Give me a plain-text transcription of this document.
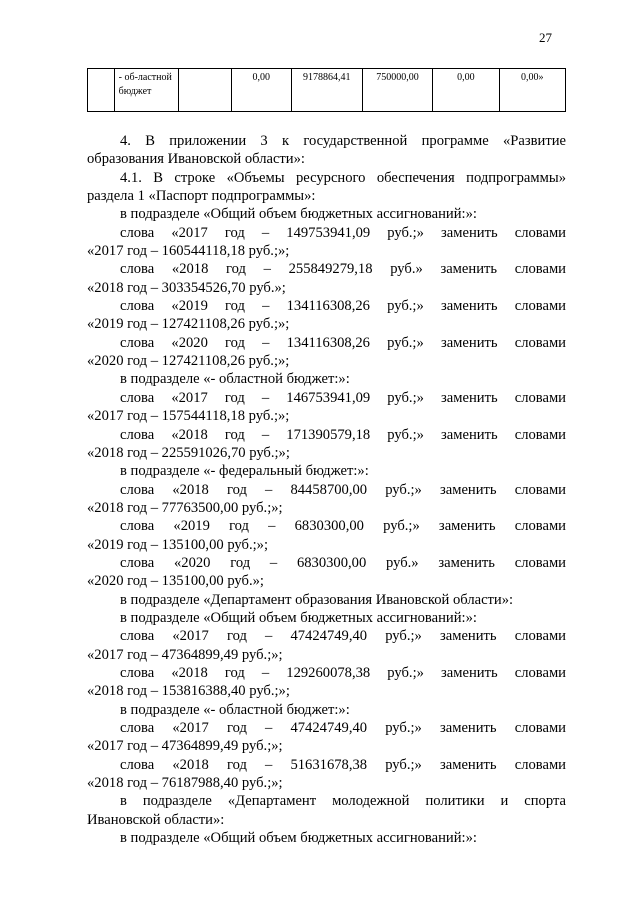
27
	- об-ластной бюджет		0,00	9178864,41	750000,00	0,00	0,00»

4. В приложении 3 к государственной программе «Развитие

образования Ивановской области»:

4.1. В строке «Объемы ресурсного обеспечения подпрограммы»

раздела 1 «Паспорт подпрограммы»:

в подразделе «Общий объем бюджетных ассигнований:»:

слова «2017 год – 149753941,09 руб.;» заменить словами

«2017 год – 160544118,18 руб.;»;

слова «2018 год – 255849279,18 руб.» заменить словами

«2018 год – 303354526,70 руб.»;

слова «2019 год – 134116308,26 руб.;» заменить словами

«2019 год – 127421108,26 руб.;»;

слова «2020 год – 134116308,26 руб.;» заменить словами

«2020 год – 127421108,26 руб.;»;

в подразделе «- областной бюджет:»:

слова «2017 год – 146753941,09 руб.;» заменить словами

«2017 год – 157544118,18 руб.;»;

слова «2018 год – 171390579,18 руб.;» заменить словами

«2018 год – 225591026,70 руб.;»;

в подразделе «- федеральный бюджет:»:

слова «2018 год – 84458700,00 руб.;» заменить словами

«2018 год – 77763500,00 руб.;»;

слова «2019 год – 6830300,00 руб.;» заменить словами

«2019 год – 135100,00 руб.;»;

слова «2020 год – 6830300,00 руб.» заменить словами

«2020 год – 135100,00 руб.»;

в подразделе «Департамент образования Ивановской области»:

в подразделе «Общий объем бюджетных ассигнований:»:

слова «2017 год – 47424749,40 руб.;» заменить словами

«2017 год – 47364899,49 руб.;»;

слова «2018 год – 129260078,38 руб.;» заменить словами

«2018 год – 153816388,40 руб.;»;

в подразделе «- областной бюджет:»:

слова «2017 год – 47424749,40 руб.;» заменить словами

«2017 год – 47364899,49 руб.;»;

слова «2018 год – 51631678,38 руб.;» заменить словами

«2018 год – 76187988,40 руб.;»;

в подразделе «Департамент молодежной политики и спорта

Ивановской области»:

в подразделе «Общий объем бюджетных ассигнований:»:
